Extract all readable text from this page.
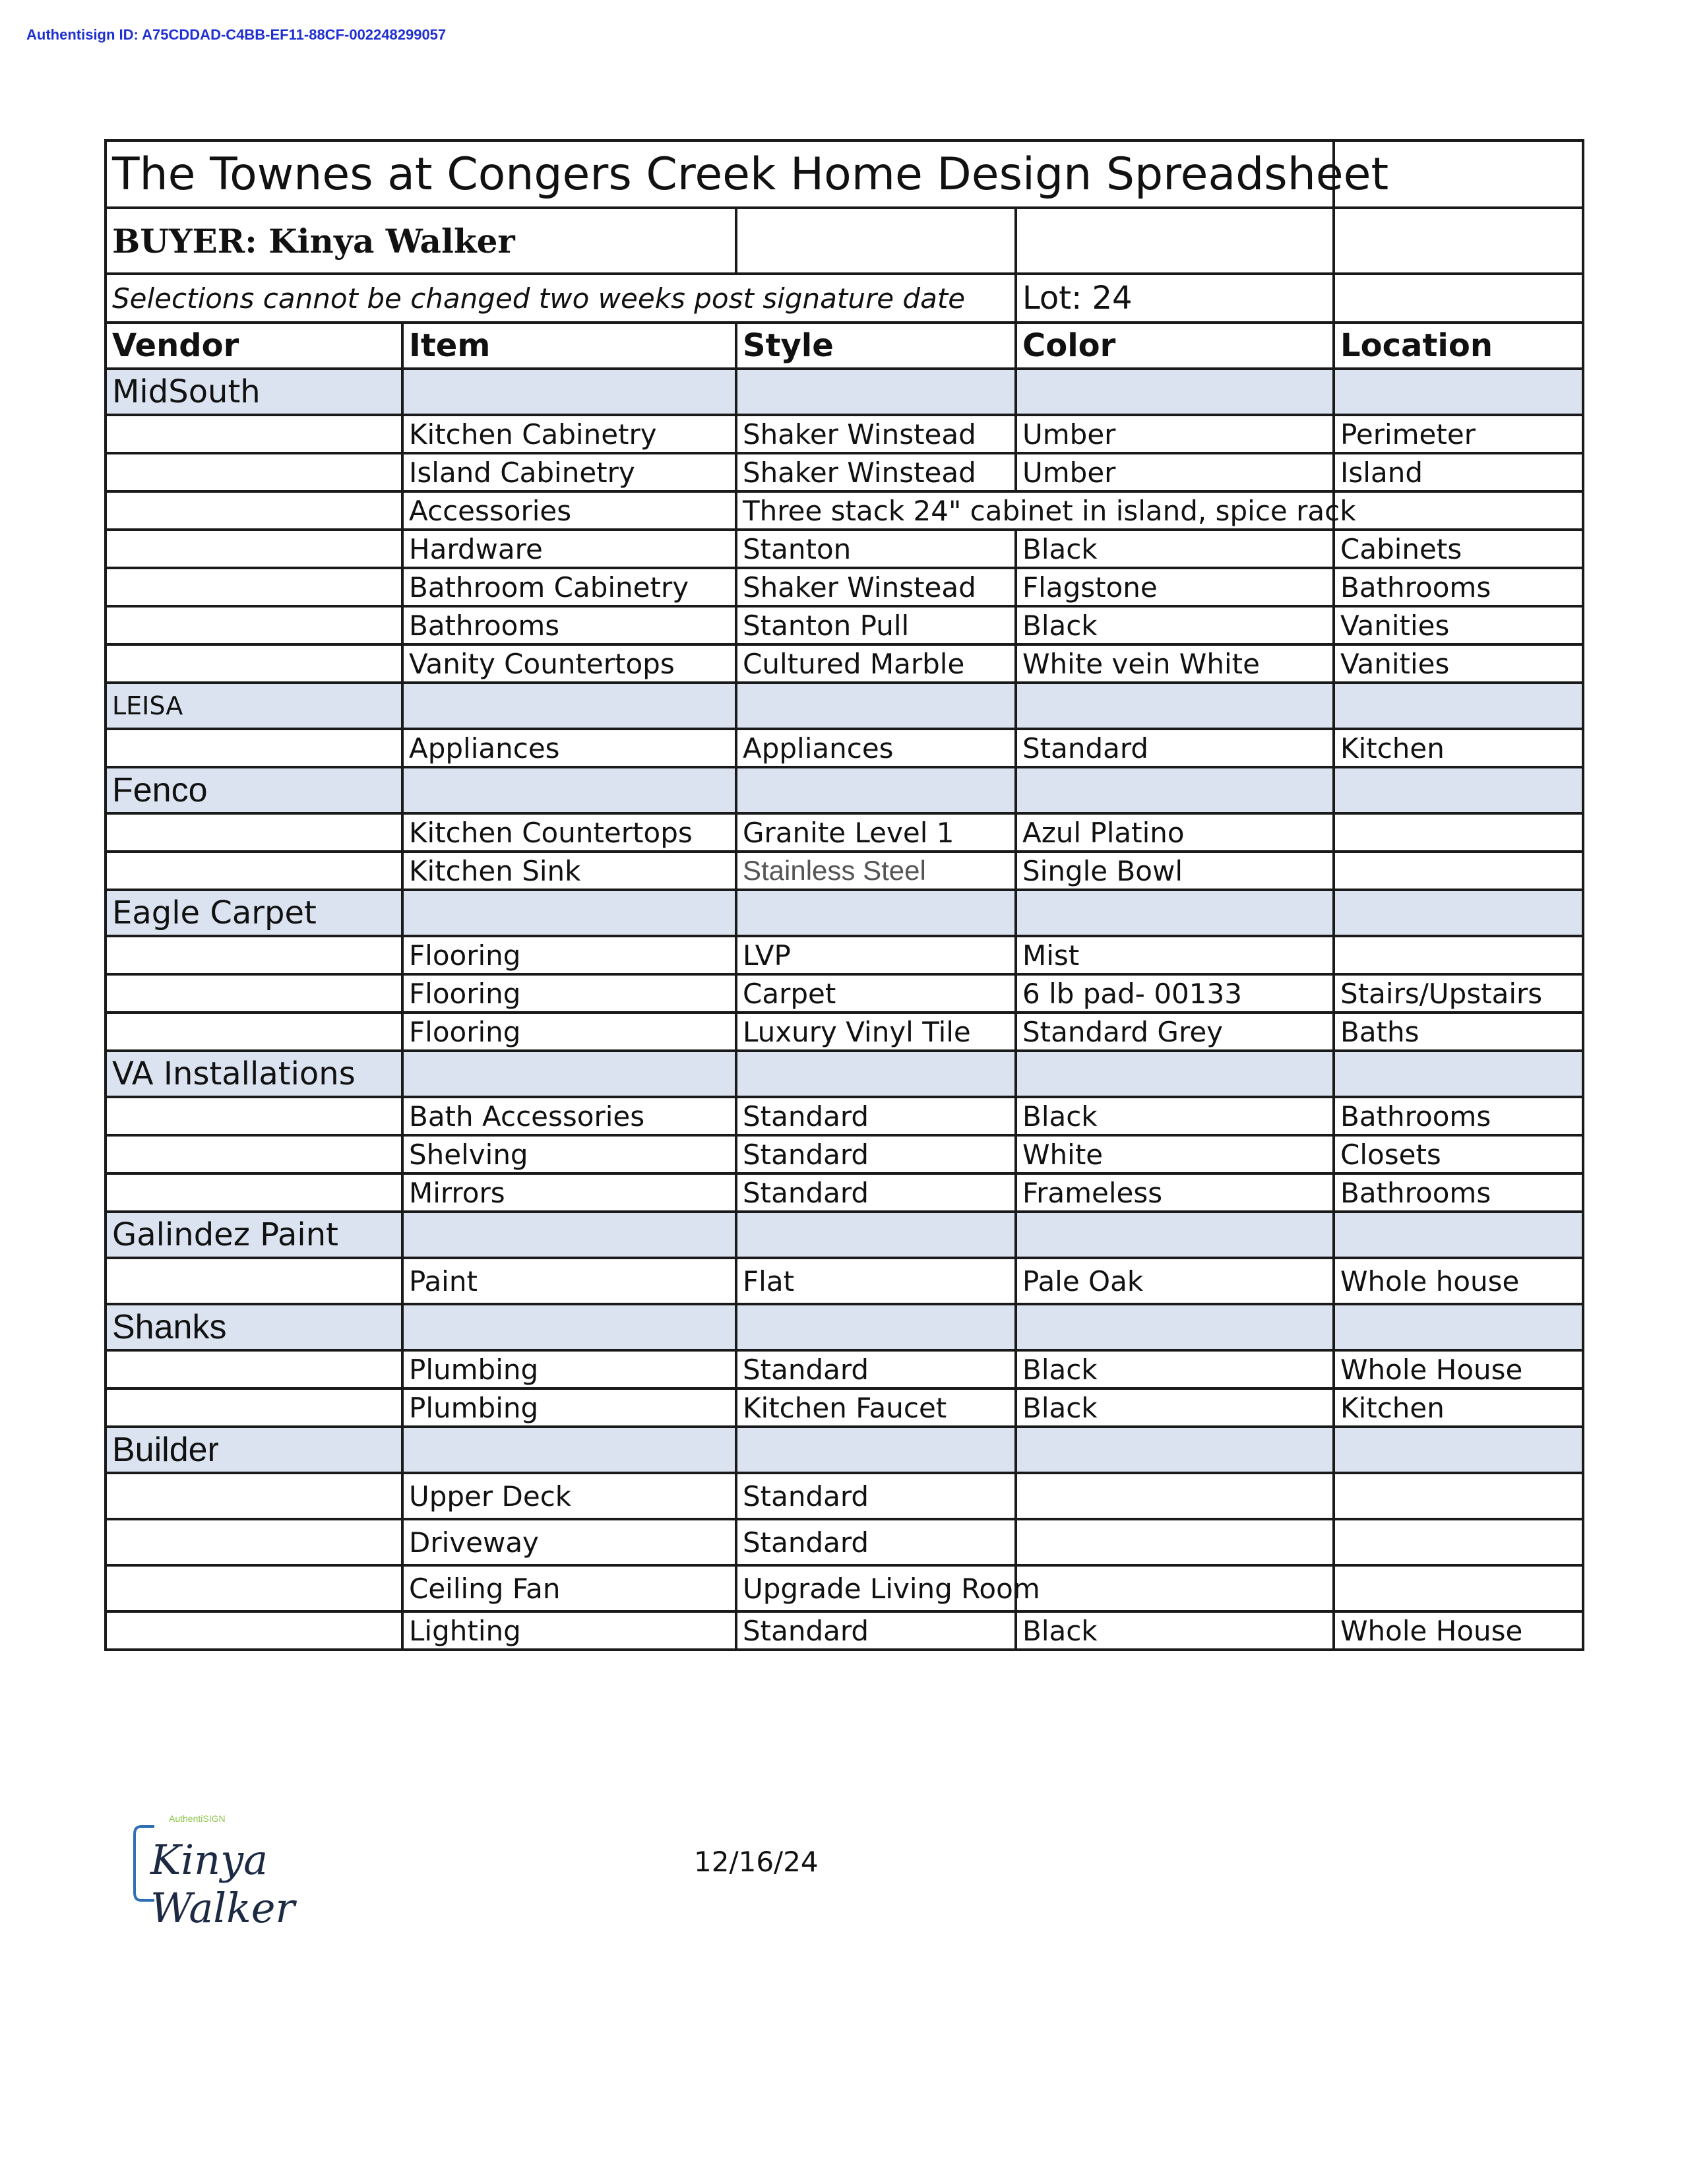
Authentisign ID: A75CDDAD-C4BB-EF11-88CF-002248299057
The Townes at Congers Creek Home Design Spreadsheet				
BUYER: Kinya Walker				
Selections cannot be changed two weeks post signature date			Lot: 24	
Vendor	Item	Style	Color	Location
MidSouth				
	Kitchen Cabinetry	Shaker Winstead	Umber	Perimeter
	Island Cabinetry	Shaker Winstead	Umber	Island
	Accessories	Three stack 24" cabinet in island, spice rack		
	Hardware	Stanton	Black	Cabinets
	Bathroom Cabinetry	Shaker Winstead	Flagstone	Bathrooms
	Bathrooms	Stanton Pull	Black	Vanities
	Vanity Countertops	Cultured Marble	White vein White	Vanities
LEISA				
	Appliances	Appliances	Standard	Kitchen
Fenco				
	Kitchen Countertops	Granite Level 1	Azul Platino	
	Kitchen Sink	Stainless Steel	Single Bowl	
Eagle Carpet				
	Flooring	LVP	Mist	
	Flooring	Carpet	6 lb pad- 00133	Stairs/Upstairs
	Flooring	Luxury Vinyl Tile	Standard Grey	Baths
VA Installations				
	Bath Accessories	Standard	Black	Bathrooms
	Shelving	Standard	White	Closets
	Mirrors	Standard	Frameless	Bathrooms
Galindez Paint				
	Paint	Flat	Pale Oak	Whole house
Shanks				
	Plumbing	Standard	Black	Whole House
	Plumbing	Kitchen Faucet	Black	Kitchen
Builder				
	Upper Deck	Standard		
	Driveway	Standard		
	Ceiling Fan	Upgrade Living Room		
	Lighting	Standard	Black	Whole House
AuthentiSIGN
Kinya Walker
12/16/24
